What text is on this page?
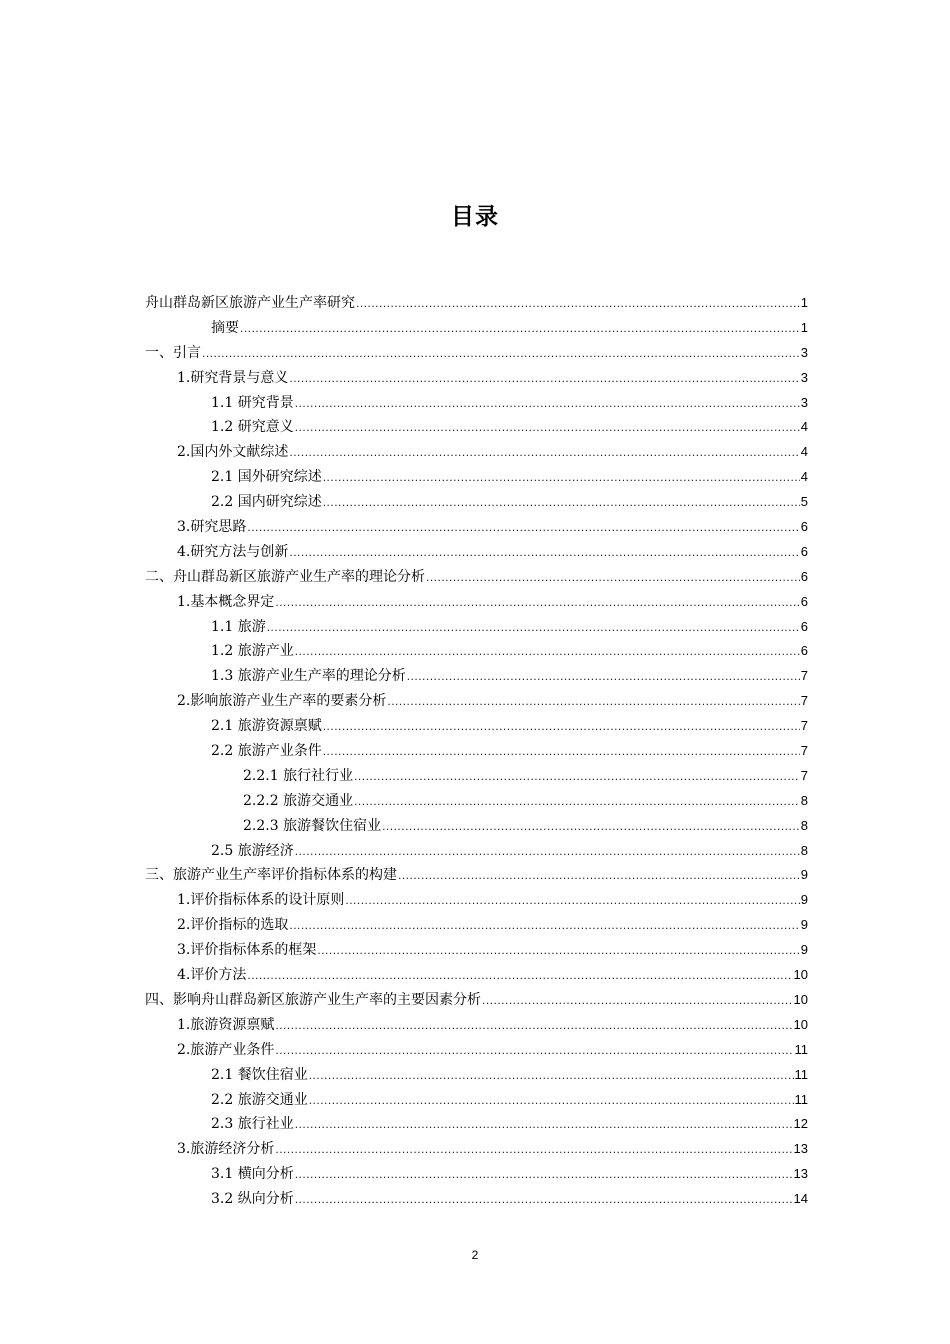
目录
舟山群岛新区旅游产业生产率研究 .....	1
摘要 .....	1
一、引言 .....	3
1.研究背景与意义 .....	3
1.1 研究背景 .....	3
1.2 研究意义 .....	4
2.国内外文献综述 .....	4
2.1 国外研究综述 .....	4
2.2 国内研究综述 .....	5
3.研究思路 .....	6
4.研究方法与创新 .....	6
二、舟山群岛新区旅游产业生产率的理论分析 .....	6
1.基本概念界定 .....	6
1.1 旅游 .....	6
1.2 旅游产业 .....	6
1.3 旅游产业生产率的理论分析 .....	7
2.影响旅游产业生产率的要素分析 .....	7
2.1 旅游资源禀赋 .....	7
2.2 旅游产业条件 .....	7
2.2.1 旅行社行业 .....	7
2.2.2 旅游交通业 .....	8
2.2.3 旅游餐饮住宿业 .....	8
2.5 旅游经济 .....	8
三、旅游产业生产率评价指标体系的构建 .....	9
1.评价指标体系的设计原则 .....	9
2.评价指标的选取 .....	9
3.评价指标体系的框架 .....	9
4.评价方法 .....	10
四、影响舟山群岛新区旅游产业生产率的主要因素分析 .....	10
1.旅游资源禀赋 .....	10
2.旅游产业条件 .....	11
2.1 餐饮住宿业 .....	11
2.2 旅游交通业 .....	11
2.3 旅行社业 .....	12
3.旅游经济分析 .....	13
3.1 横向分析 .....	13
3.2 纵向分析 .....	14
2
